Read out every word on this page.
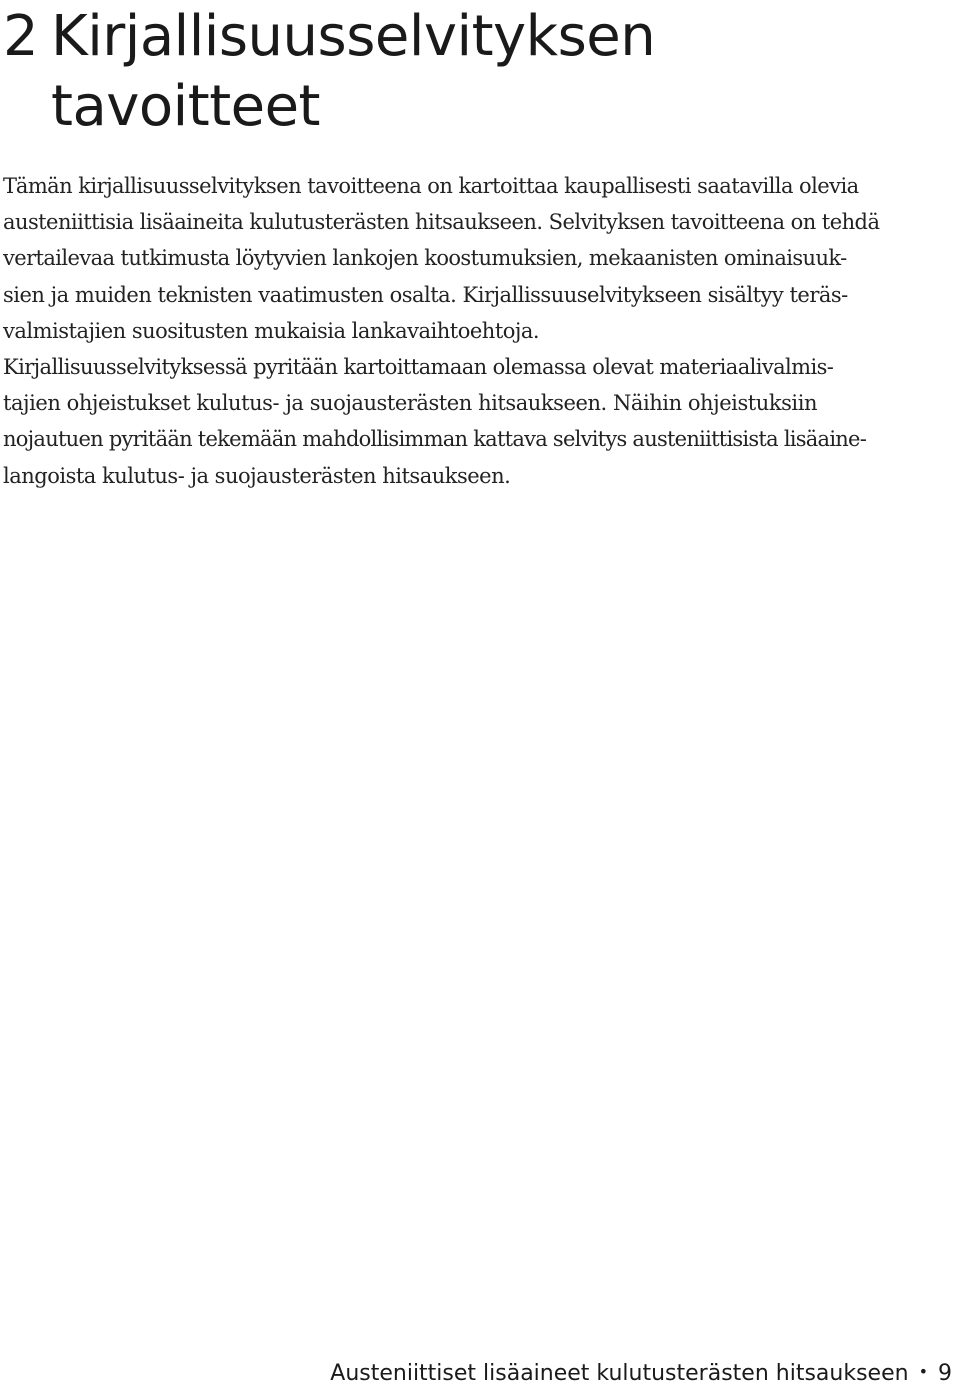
2 Kirjallisuusselvityksen
tavoitteet
Tämän kirjallisuusselvityksen tavoitteena on kartoittaa kaupallisesti saatavilla olevia
austeniittisia lisäaineita kulutusterästen hitsaukseen. Selvityksen tavoitteena on tehdä
vertailevaa tutkimusta löytyvien lankojen koostumuksien, mekaanisten ominaisuuk-
sien ja muiden teknisten vaatimusten osalta. Kirjallissuuselvitykseen sisältyy teräs-
valmistajien suositusten mukaisia lankavaihtoehtoja.
Kirjallisuusselvityksessä pyritään kartoittamaan olemassa olevat materiaalivalmis-
tajien ohjeistukset kulutus- ja suojausterästen hitsaukseen. Näihin ohjeistuksiin
nojautuen pyritään tekemään mahdollisimman kattava selvitys austeniittisista lisäaine-
langoista kulutus- ja suojausterästen hitsaukseen.
Austeniittiset lisäaineet kulutusterästen hitsaukseen • 9
